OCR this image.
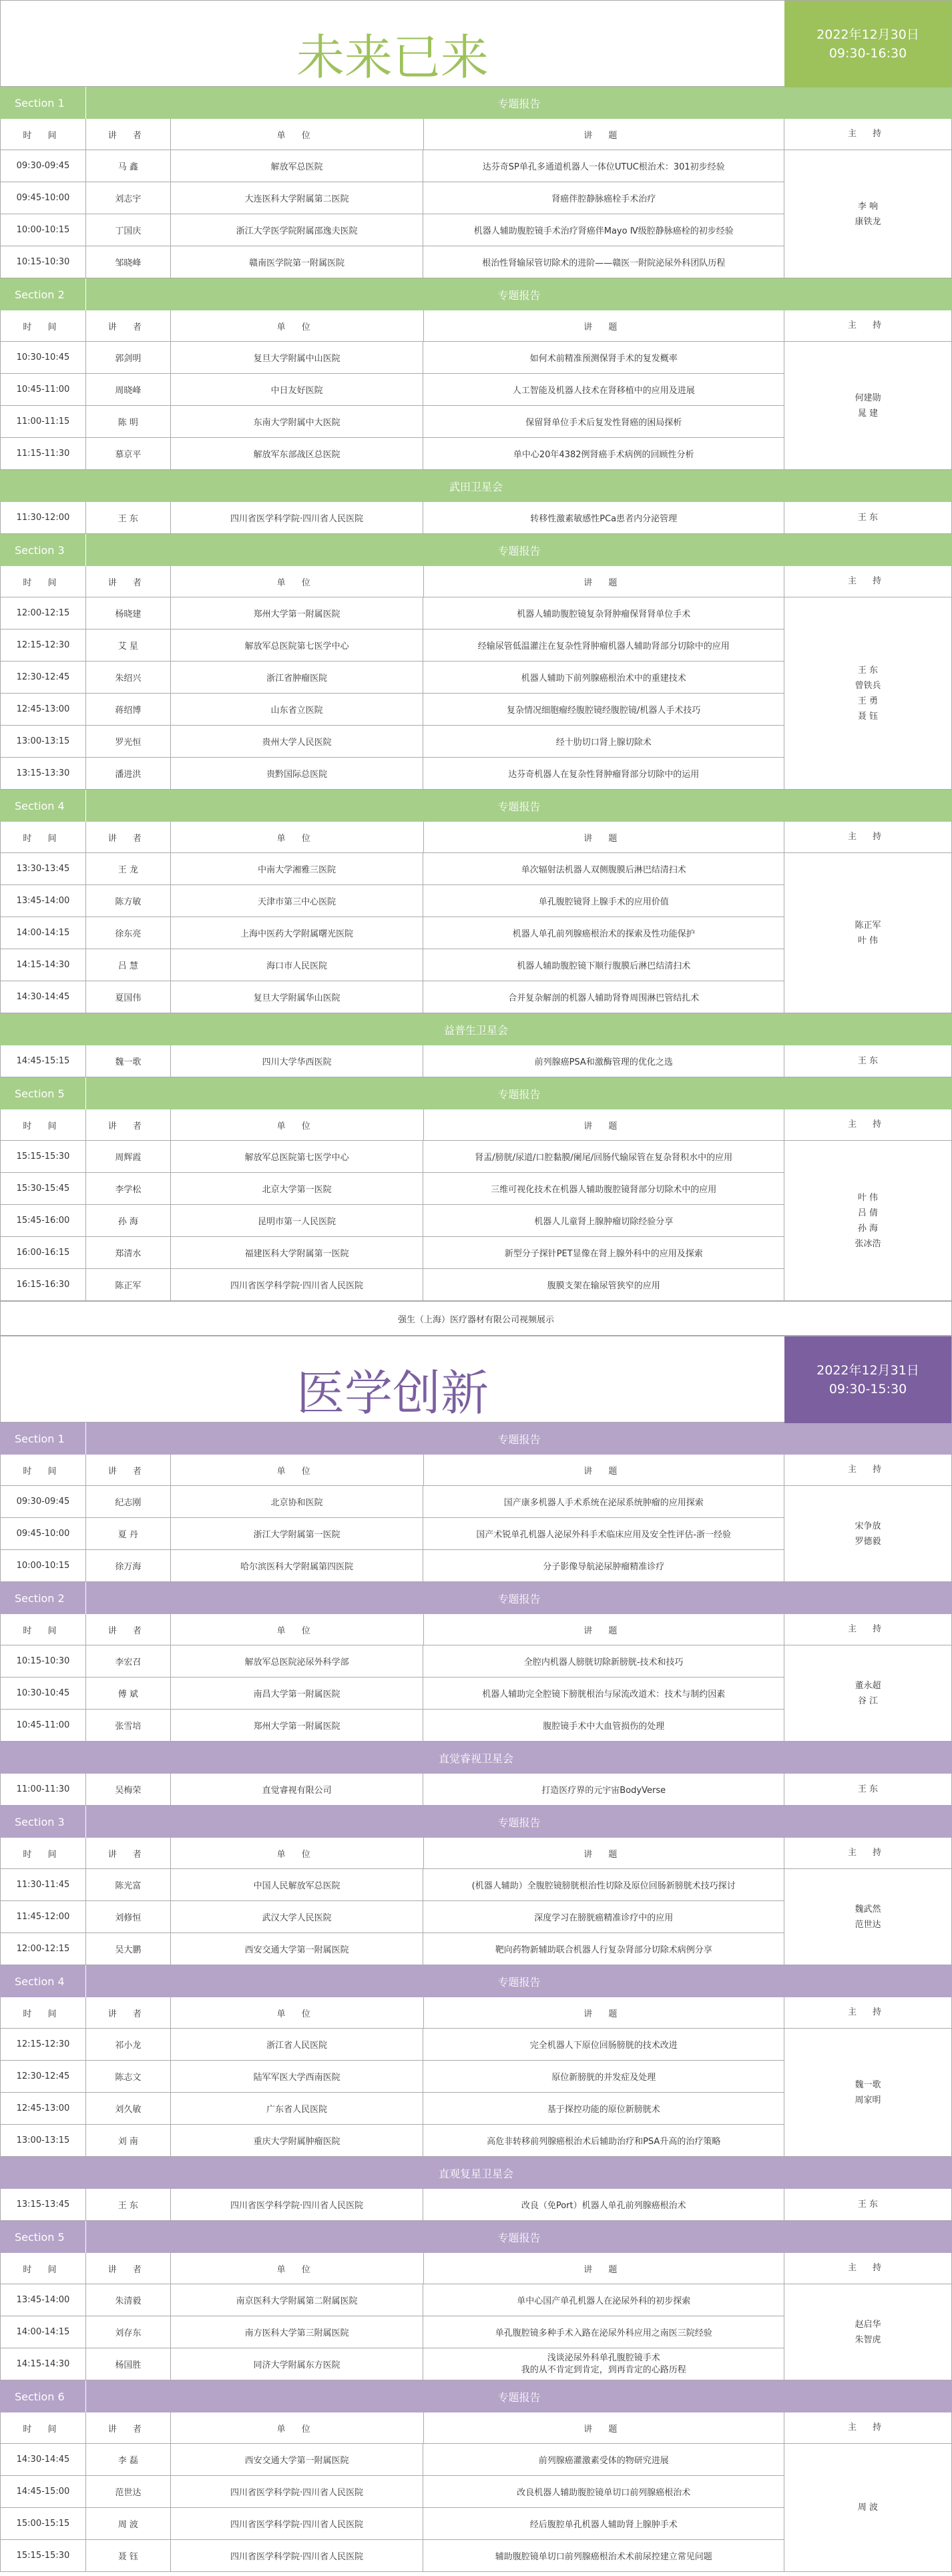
未来已来	2022年12月30日
09:30-16:30
Section 1	专题报告
时 间	讲 者	单 位	讲 题	主 持
09:30-09:45	马 鑫	解放军总医院	达芬奇SP单孔多通道机器人一体位UTUC根治术：301初步经验
09:45-10:00	刘志宇	大连医科大学附属第二医院	肾癌伴腔静脉癌栓手术治疗
10:00-10:15	丁国庆	浙江大学医学院附属邵逸夫医院	机器人辅助腹腔镜手术治疗肾癌伴Mayo Ⅳ级腔静脉癌栓的初步经验
10:15-10:30	邹晓峰	赣南医学院第一附属医院	根治性肾输尿管切除术的进阶——赣医一附院泌尿外科团队历程
李 响
康铁龙
Section 2	专题报告
时 间	讲 者	单 位	讲 题	主 持
10:30-10:45	郭剑明	复旦大学附属中山医院	如何术前精准预测保肾手术的复发概率
10:45-11:00	周晓峰	中日友好医院	人工智能及机器人技术在肾移植中的应用及进展
11:00-11:15	陈 明	东南大学附属中大医院	保留肾单位手术后复发性肾癌的困局探析
11:15-11:30	慕京平	解放军东部战区总医院	单中心20年4382例肾癌手术病例的回顾性分析
何建勋
晁 建
武田卫星会
11:30-12:00	王 东	四川省医学科学院·四川省人民医院	转移性激素敏感性PCa患者内分泌管理	王 东
Section 3	专题报告
时 间	讲 者	单 位	讲 题	主 持
12:00-12:15	杨晓建	郑州大学第一附属医院	机器人辅助腹腔镜复杂肾肿瘤保肾肾单位手术
12:15-12:30	艾 星	解放军总医院第七医学中心	经输尿管低温灌注在复杂性肾肿瘤机器人辅助肾部分切除中的应用
12:30-12:45	朱绍兴	浙江省肿瘤医院	机器人辅助下前列腺癌根治术中的重建技术
12:45-13:00	蒋绍博	山东省立医院	复杂情况细胞瘤经腹腔镜经腹腔镜/机器人手术技巧
13:00-13:15	罗光恒	贵州大学人民医院	经十肋切口肾上腺切除术
13:15-13:30	潘进洪	贵黔国际总医院	达芬奇机器人在复杂性肾肿瘤肾部分切除中的运用
王 东
曾铁兵
王 勇
聂 钰
Section 4	专题报告
时 间	讲 者	单 位	讲 题	主 持
13:30-13:45	王 龙	中南大学湘雅三医院	单次辐射法机器人双侧腹膜后淋巴结清扫术
13:45-14:00	陈方敏	天津市第三中心医院	单孔腹腔镜肾上腺手术的应用价值
14:00-14:15	徐东亮	上海中医药大学附属曙光医院	机器人单孔前列腺癌根治术的探索及性功能保护
14:15-14:30	吕 慧	海口市人民医院	机器人辅助腹腔镜下顺行腹膜后淋巴结清扫术
14:30-14:45	夏国伟	复旦大学附属华山医院	合并复杂解剖的机器人辅助肾脊周围淋巴管结扎术
陈正军
叶 伟
益普生卫星会
14:45-15:15	魏一歌	四川大学华西医院	前列腺癌PSA和激酶管理的优化之选	王 东
Section 5	专题报告
时 间	讲 者	单 位	讲 题	主 持
15:15-15:30	周辉霞	解放军总医院第七医学中心	肾盂/膀胱/尿道/口腔黏膜/阑尾/回肠代输尿管在复杂肾积水中的应用
15:30-15:45	李学松	北京大学第一医院	三维可视化技术在机器人辅助腹腔镜肾部分切除术中的应用
15:45-16:00	孙 海	昆明市第一人民医院	机器人儿童肾上腺肿瘤切除经验分享
16:00-16:15	郑清水	福建医科大学附属第一医院	新型分子探针PET显像在肾上腺外科中的应用及探索
16:15-16:30	陈正军	四川省医学科学院·四川省人民医院	腹膜支架在输尿管狭窄的应用
叶 伟
吕 倩
孙 海
张冰浩
强生（上海）医疗器材有限公司视频展示
医学创新	2022年12月31日
09:30-15:30
Section 1	专题报告
时 间	讲 者	单 位	讲 题	主 持
09:30-09:45	纪志刚	北京协和医院	国产康多机器人手术系统在泌尿系统肿瘤的应用探索
09:45-10:00	夏 丹	浙江大学附属第一医院	国产术锐单孔机器人泌尿外科手术临床应用及安全性评估-浙一经验
10:00-10:15	徐万海	哈尔滨医科大学附属第四医院	分子影像导航泌尿肿瘤精准诊疗
宋争放
罗德毅
Section 2	专题报告
时 间	讲 者	单 位	讲 题	主 持
10:15-10:30	李宏召	解放军总医院泌尿外科学部	全腔内机器人膀胱切除新膀胱-技术和技巧
10:30-10:45	傅 斌	南昌大学第一附属医院	机器人辅助完全腔镜下膀胱根治与尿流改道术：技术与制约因素
10:45-11:00	张雪培	郑州大学第一附属医院	腹腔镜手术中大血管损伤的处理
董永超
谷 江
直觉睿视卫星会
11:00-11:30	吴梅荣	直觉睿视有限公司	打造医疗界的元宇宙BodyVerse	王 东
Section 3	专题报告
时 间	讲 者	单 位	讲 题	主 持
11:30-11:45	陈光富	中国人民解放军总医院	(机器人辅助）全腹腔镜膀胱根治性切除及原位回肠新膀胱术技巧探讨
11:45-12:00	刘修恒	武汉大学人民医院	深度学习在膀胱癌精准诊疗中的应用
12:00-12:15	吴大鹏	西安交通大学第一附属医院	靶向药物新辅助联合机器人行复杂肾部分切除术病例分享
魏武然
范世达
Section 4	专题报告
时 间	讲 者	单 位	讲 题	主 持
12:15-12:30	祁小龙	浙江省人民医院	完全机器人下原位回肠膀胱的技术改进
12:30-12:45	陈志文	陆军军医大学西南医院	原位新膀胱的并发症及处理
12:45-13:00	刘久敏	广东省人民医院	基于探控功能的原位新膀胱术
13:00-13:15	刘 南	重庆大学附属肿瘤医院	高危非转移前列腺癌根治术后辅助治疗和PSA升高的治疗策略
魏一歌
周家明
直观复星卫星会
13:15-13:45	王 东	四川省医学科学院·四川省人民医院	改良（免Port）机器人单孔前列腺癌根治术	王 东
Section 5	专题报告
时 间	讲 者	单 位	讲 题	主 持
13:45-14:00	朱清毅	南京医科大学附属第二附属医院	单中心国产单孔机器人在泌尿外科的初步探索
14:00-14:15	刘存东	南方医科大学第三附属医院	单孔腹腔镜多种手术入路在泌尿外科应用之南医三院经验
14:15-14:30	杨国胜	同济大学附属东方医院
浅谈泌尿外科单孔腹腔镜手术
我的从不肯定到肯定，到再肯定的心路历程
赵启华
朱智虎
Section 6	专题报告
时 间	讲 者	单 位	讲 题	主 持
14:30-14:45	李 磊	西安交通大学第一附属医院	前列腺癌灌激素受体的物研究进展
14:45-15:00	范世达	四川省医学科学院·四川省人民医院	改良机器人辅助腹腔镜单切口前列腺癌根治术
15:00-15:15	周 波	四川省医学科学院·四川省人民医院	经后腹腔单孔机器人辅助肾上腺肿手术
15:15-15:30	聂 钰	四川省医学科学院·四川省人民医院	辅助腹腔镜单切口前列腺癌根治术术前尿控建立常见问题
周 波
